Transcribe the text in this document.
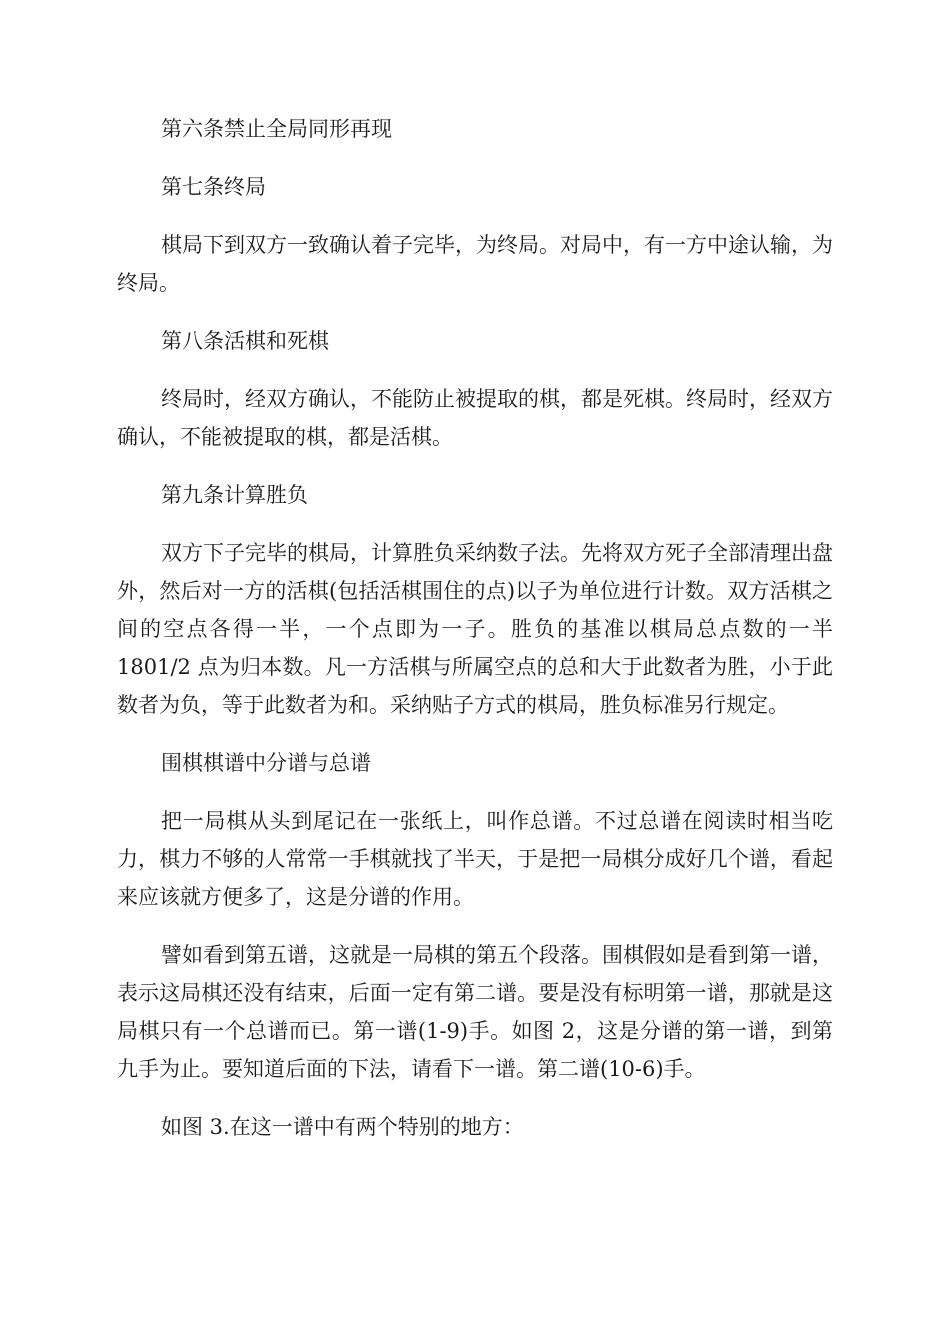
第六条禁止全局同形再现

第七条终局

棋局下到双方一致确认着子完毕，为终局。对局中，有一方中途认输，为终局。

第八条活棋和死棋

终局时，经双方确认，不能防止被提取的棋，都是死棋。终局时，经双方确认，不能被提取的棋，都是活棋。

第九条计算胜负

双方下子完毕的棋局，计算胜负采纳数子法。先将双方死子全部清理出盘外，然后对一方的活棋(包括活棋围住的点)以子为单位进行计数。双方活棋之间的空点各得一半，一个点即为一子。胜负的基准以棋局总点数的一半 1801/2 点为归本数。凡一方活棋与所属空点的总和大于此数者为胜，小于此数者为负，等于此数者为和。采纳贴子方式的棋局，胜负标准另行规定。

围棋棋谱中分谱与总谱

把一局棋从头到尾记在一张纸上，叫作总谱。不过总谱在阅读时相当吃力，棋力不够的人常常一手棋就找了半天，于是把一局棋分成好几个谱，看起来应该就方便多了，这是分谱的作用。

譬如看到第五谱，这就是一局棋的第五个段落。围棋假如是看到第一谱，表示这局棋还没有结束，后面一定有第二谱。要是没有标明第一谱，那就是这局棋只有一个总谱而已。第一谱(1-9)手。如图 2，这是分谱的第一谱，到第九手为止。要知道后面的下法，请看下一谱。第二谱(10-6)手。

如图 3.在这一谱中有两个特别的地方：
